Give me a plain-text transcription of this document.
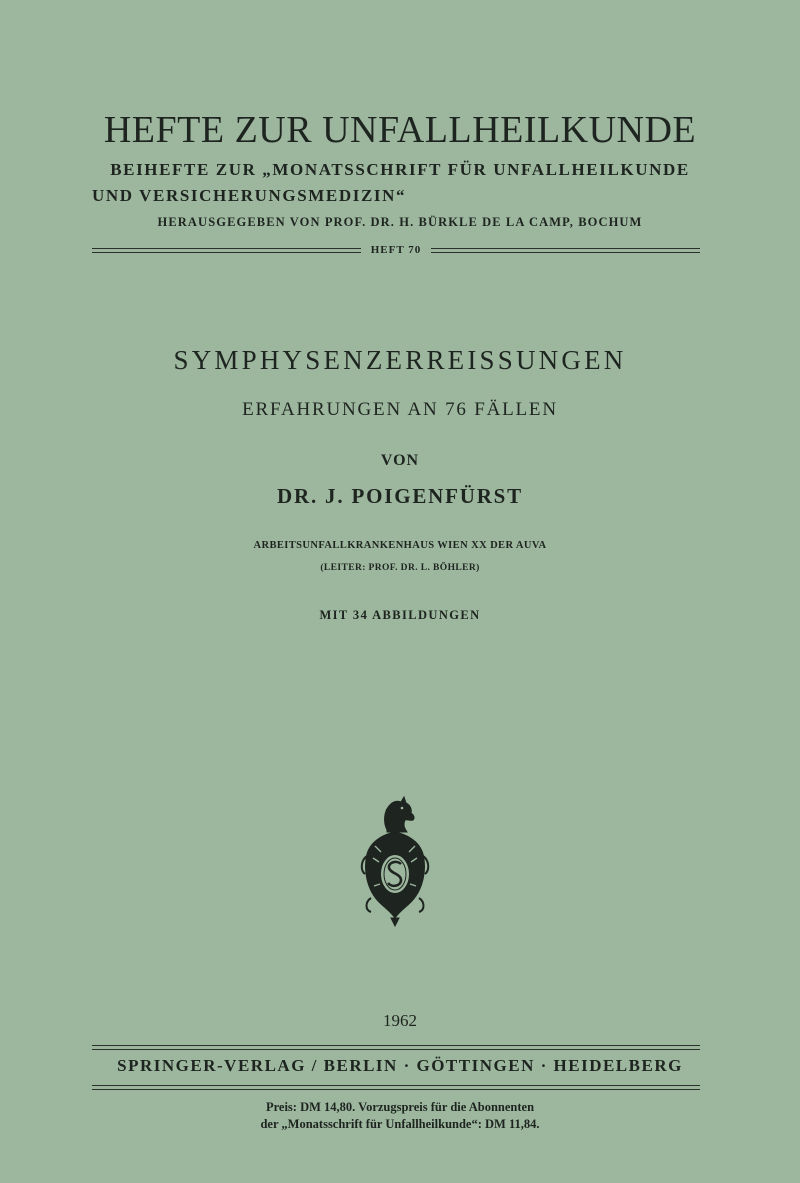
HEFTE ZUR UNFALLHEILKUNDE
BEIHEFTE ZUR „MONATSSCHRIFT FÜR UNFALLHEILKUNDE
UND VERSICHERUNGSMEDIZIN“
HERAUSGEGEBEN VON PROF. DR. H. BÜRKLE DE LA CAMP, BOCHUM
HEFT 70
SYMPHYSENZERREISSUNGEN
ERFAHRUNGEN AN 76 FÄLLEN
VON
DR. J. POIGENFÜRST
ARBEITSUNFALLKRANKENHAUS WIEN XX DER AUVA
(LEITER: PROF. DR. L. BÖHLER)
MIT 34 ABBILDUNGEN
1962
SPRINGER-VERLAG / BERLIN · GÖTTINGEN · HEIDELBERG
Preis: DM 14,80. Vorzugspreis für die Abonnenten
der „Monatsschrift für Unfallheilkunde“: DM 11,84.
